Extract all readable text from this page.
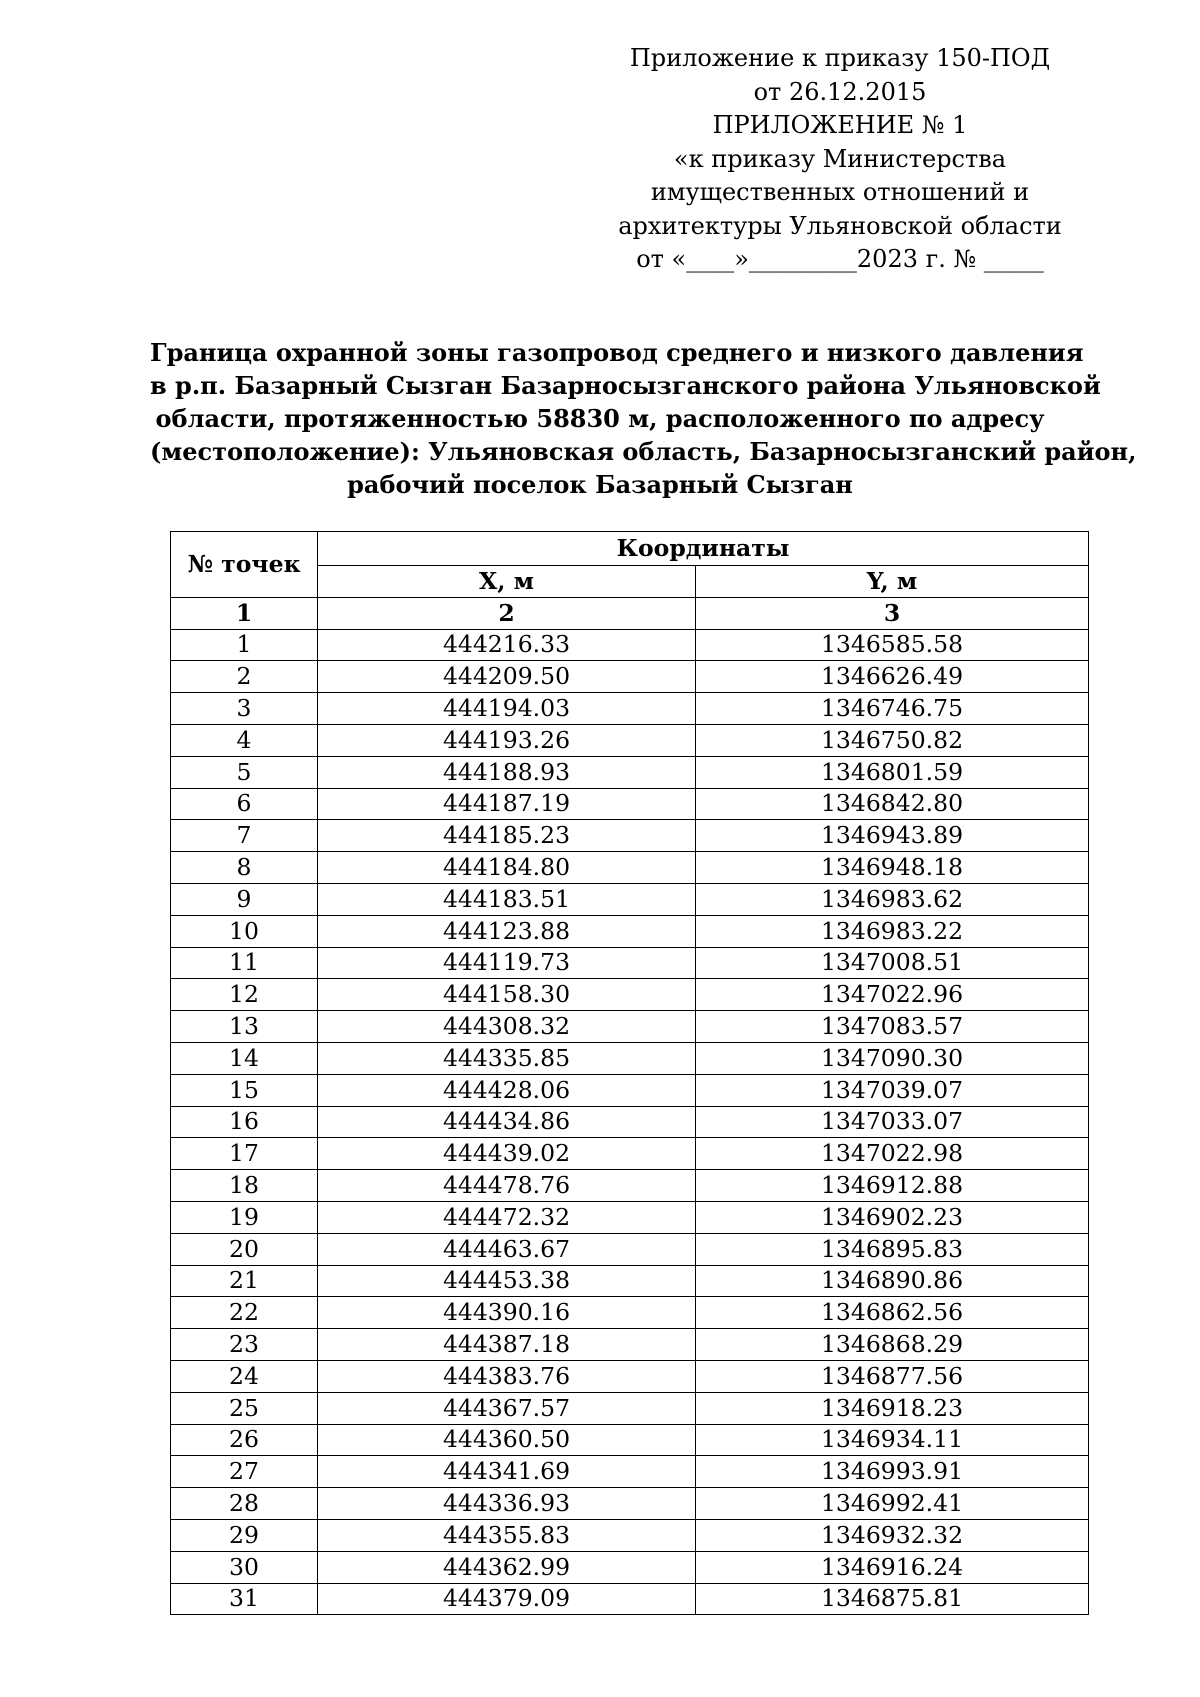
Приложение к приказу 150-ПОД
от 26.12.2015
ПРИЛОЖЕНИЕ № 1
«к приказу Министерства
имущественных отношений и
архитектуры Ульяновской области
от «____»_________2023 г. № _____
Граница охранной зоны газопровод среднего и низкого давления
в р.п. Базарный Сызган Базарносызганского района Ульяновской
области, протяженностью 58830 м, расположенного по адресу
(местоположение): Ульяновская область, Базарносызганский район,
рабочий поселок Базарный Сызган
№ точек	Координаты	
	X, м	Y, м
1	2	3
1	444216.33	1346585.58
2	444209.50	1346626.49
3	444194.03	1346746.75
4	444193.26	1346750.82
5	444188.93	1346801.59
6	444187.19	1346842.80
7	444185.23	1346943.89
8	444184.80	1346948.18
9	444183.51	1346983.62
10	444123.88	1346983.22
11	444119.73	1347008.51
12	444158.30	1347022.96
13	444308.32	1347083.57
14	444335.85	1347090.30
15	444428.06	1347039.07
16	444434.86	1347033.07
17	444439.02	1347022.98
18	444478.76	1346912.88
19	444472.32	1346902.23
20	444463.67	1346895.83
21	444453.38	1346890.86
22	444390.16	1346862.56
23	444387.18	1346868.29
24	444383.76	1346877.56
25	444367.57	1346918.23
26	444360.50	1346934.11
27	444341.69	1346993.91
28	444336.93	1346992.41
29	444355.83	1346932.32
30	444362.99	1346916.24
31	444379.09	1346875.81
